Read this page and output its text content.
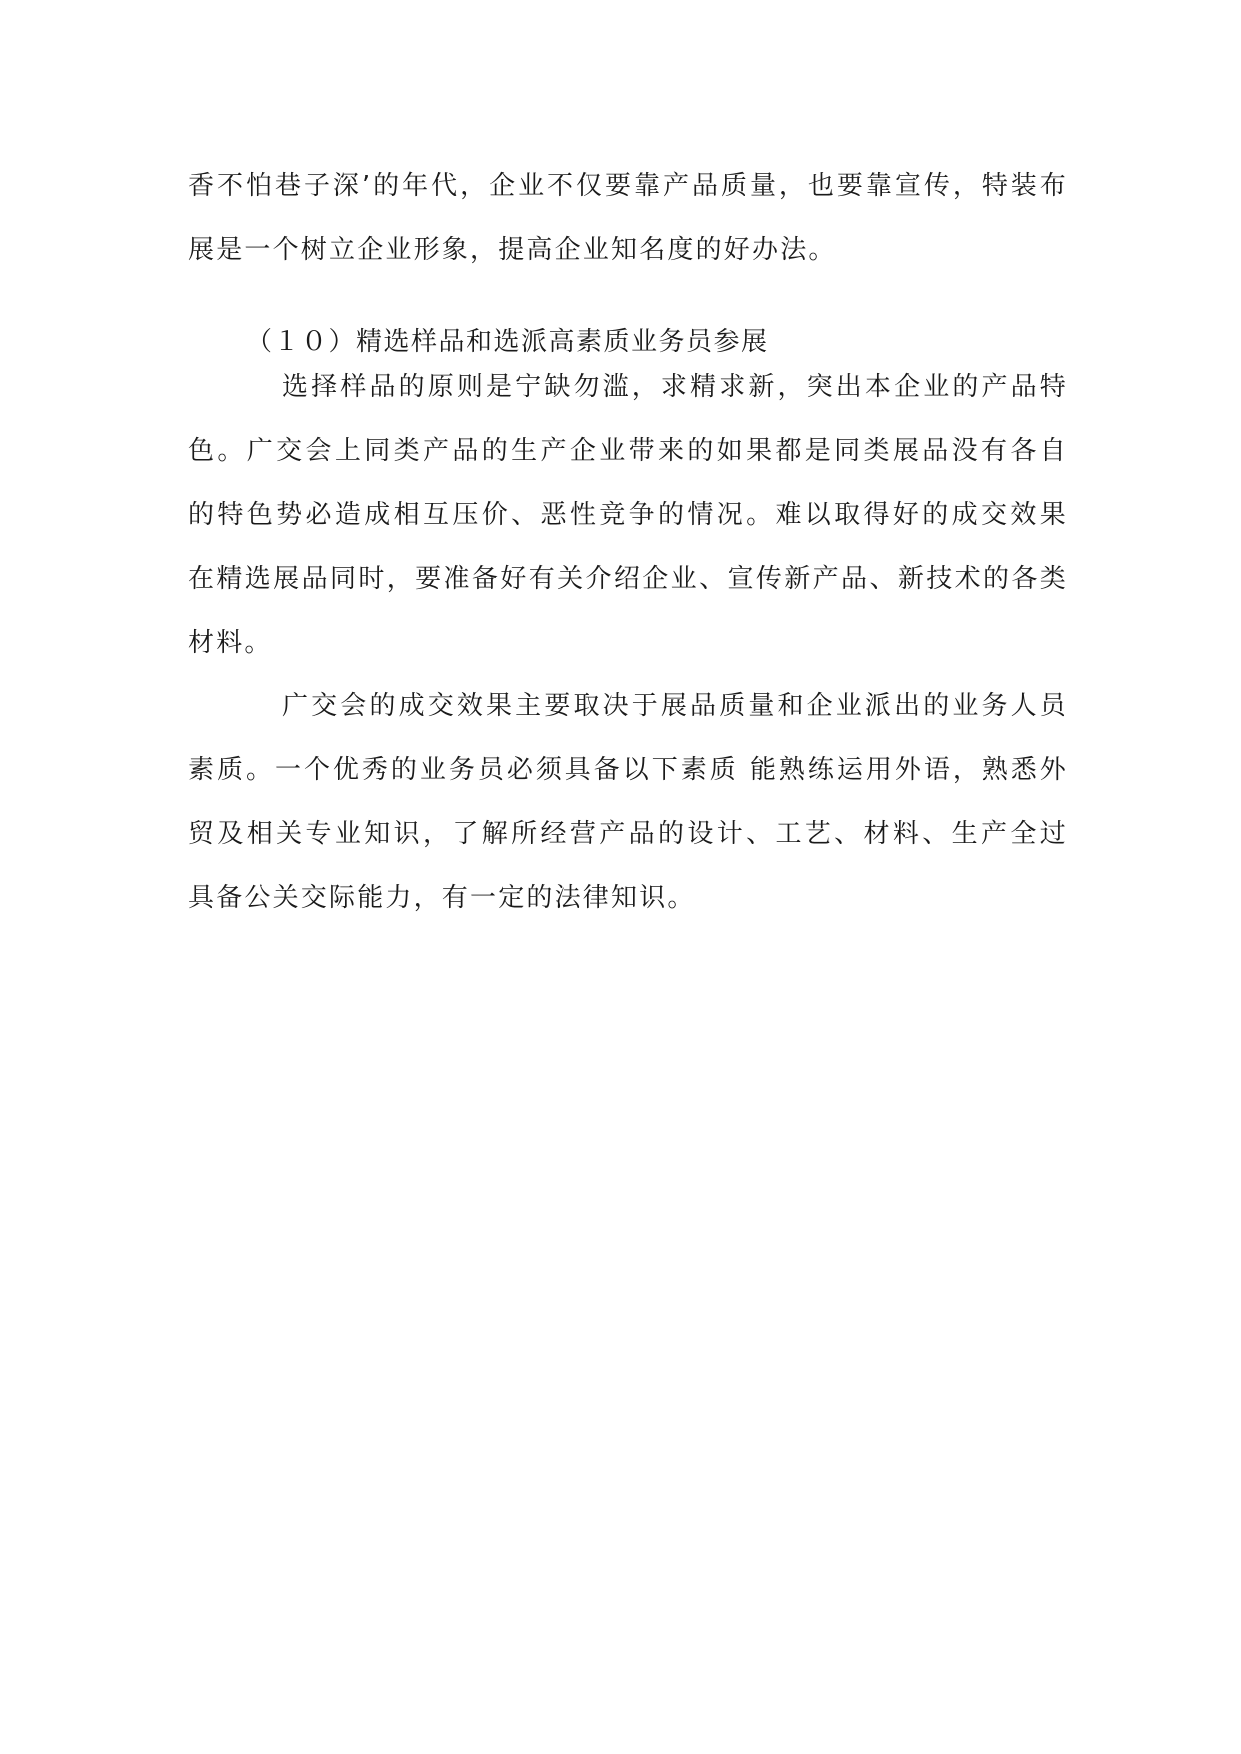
香不怕巷子深’的年代，企业不仅要靠产品质量，也要靠宣传，特装布
展是一个树立企业形象，提高企业知名度的好办法。
（１０）精选样品和选派高素质业务员参展
选择样品的原则是宁缺勿滥，求精求新，突出本企业的产品特
色。广交会上同类产品的生产企业带来的如果都是同类展品没有各自
的特色势必造成相互压价、恶性竞争的情况。难以取得好的成交效果
在精选展品同时，要准备好有关介绍企业、宣传新产品、新技术的各类
材料。
广交会的成交效果主要取决于展品质量和企业派出的业务人员
素质。一个优秀的业务员必须具备以下素质 能熟练运用外语，熟悉外
贸及相关专业知识，了解所经营产品的设计、工艺、材料、生产全过
具备公关交际能力，有一定的法律知识。
